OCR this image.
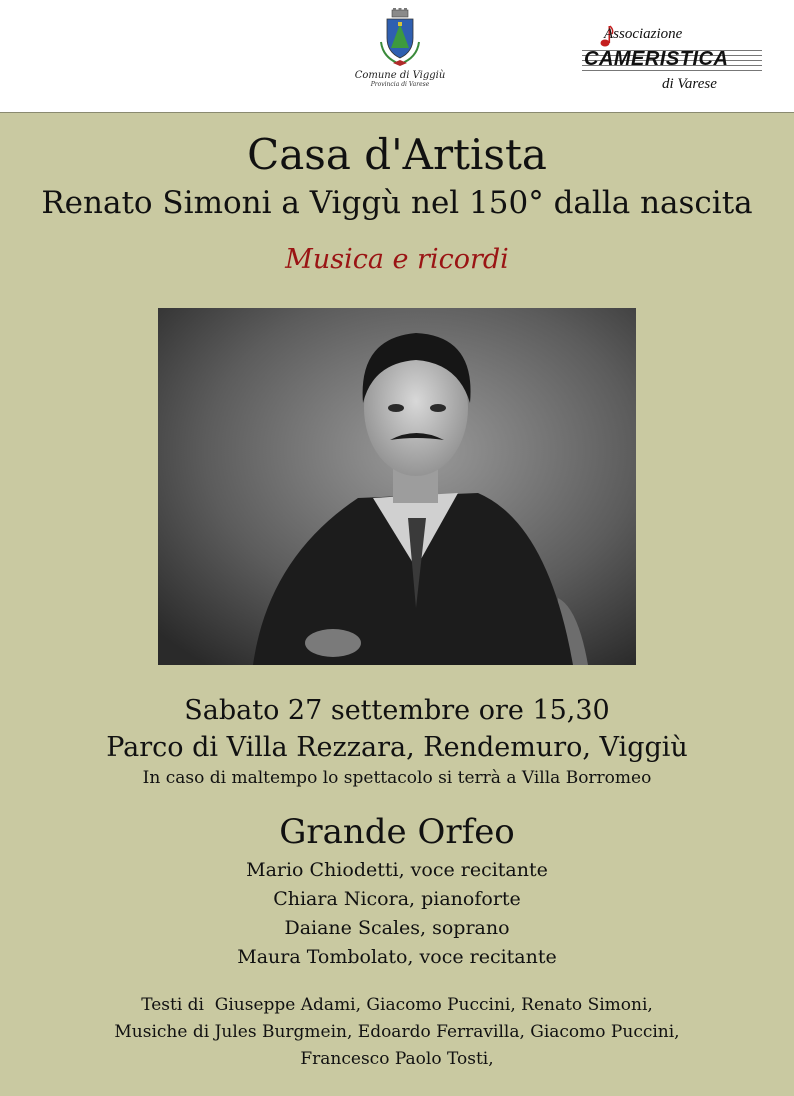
Comune di Viggiù
Provincia di Varese
Associazione
CAMERISTICA
di Varese
Casa d'Artista
Renato Simoni a Viggù nel 150° dalla nascita
Musica e ricordi
Sabato 27 settembre ore 15,30
Parco di Villa Rezzara, Rendemuro, Viggiù
In caso di maltempo lo spettacolo si terrà a Villa Borromeo
Grande Orfeo
Mario Chiodetti, voce recitante
Chiara Nicora, pianoforte
Daiane Scales, soprano
Maura Tombolato, voce recitante
Testi di  Giuseppe Adami, Giacomo Puccini, Renato Simoni,
Musiche di Jules Burgmein, Edoardo Ferravilla, Giacomo Puccini,
Francesco Paolo Tosti,
